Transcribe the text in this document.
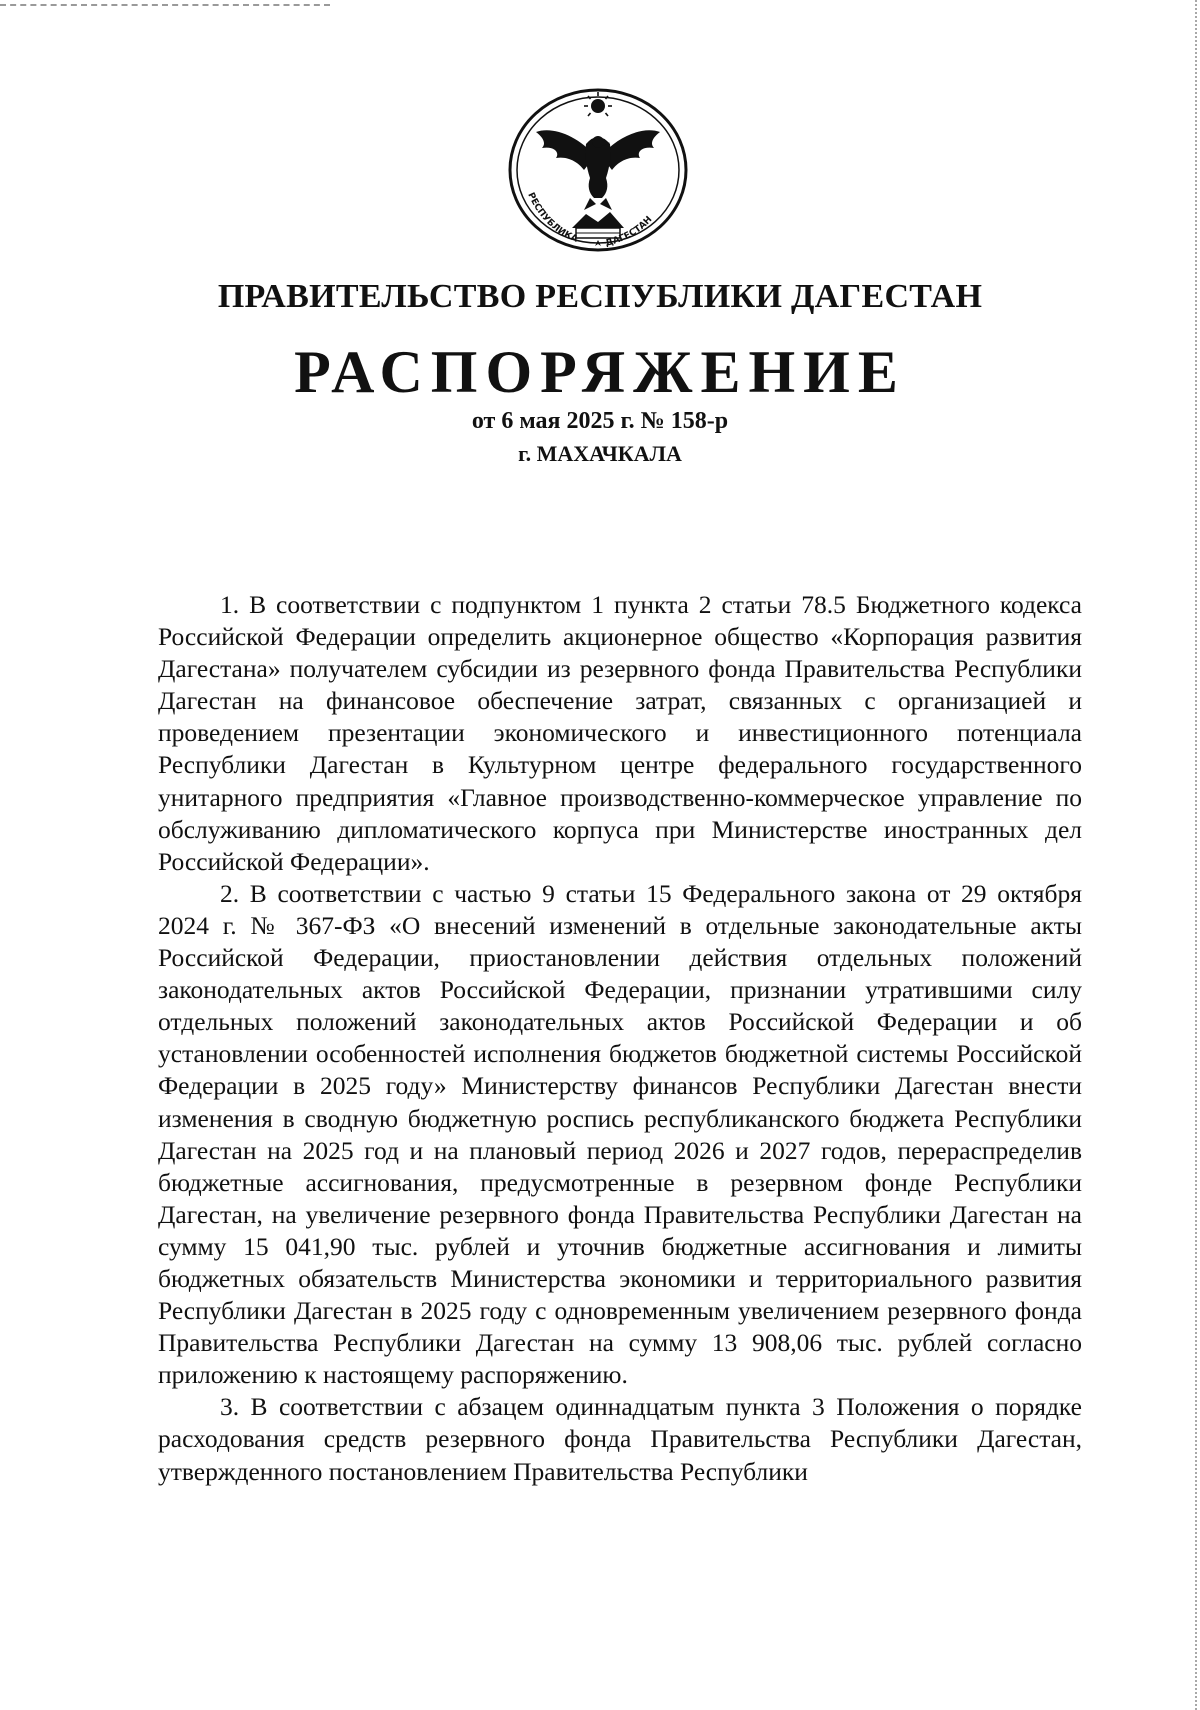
РЕСПУБЛИКА	ДАГЕСТАН
ПРАВИТЕЛЬСТВО РЕСПУБЛИКИ ДАГЕСТАН
РАСПОРЯЖЕНИЕ
от 6 мая 2025 г. № 158-р
г. МАХАЧКАЛА

1. В соответствии с подпунктом 1 пункта 2 статьи 78.5 Бюджетного кодекса Российской Федерации определить акционерное общество «Корпорация развития Дагестана» получателем субсидии из резервного фонда Правительства Республики Дагестан на финансовое обеспечение затрат, связанных с организацией и проведением презентации экономического и инвестиционного потенциала Республики Дагестан в Культурном центре федерального государственного унитарного предприятия «Главное производственно-коммерческое управление по обслуживанию дипломатического корпуса при Министерстве иностранных дел Российской Федерации».

2. В соответствии с частью 9 статьи 15 Федерального закона от 29 октября 2024 г. № 367-ФЗ «О внесений изменений в отдельные законодательные акты Российской Федерации, приостановлении действия отдельных положений законодательных актов Российской Федерации, признании утратившими силу отдельных положений законодательных актов Российской Федерации и об установлении особенностей исполнения бюджетов бюджетной системы Российской Федерации в 2025 году» Министерству финансов Республики Дагестан внести изменения в сводную бюджетную роспись республиканского бюджета Республики Дагестан на 2025 год и на плановый период 2026 и 2027 годов, перераспределив бюджетные ассигнования, предусмотренные в резервном фонде Республики Дагестан, на увеличение резервного фонда Правительства Республики Дагестан на сумму 15 041,90 тыс. рублей и уточнив бюджетные ассигнования и лимиты бюджетных обязательств Министерства экономики и территориального развития Республики Дагестан в 2025 году с одновременным увеличением резервного фонда Правительства Республики Дагестан на сумму 13 908,06 тыс. рублей согласно приложению к настоящему распоряжению.

3. В соответствии с абзацем одиннадцатым пункта 3 Положения о порядке расходования средств резервного фонда Правительства Республики Дагестан, утвержденного постановлением Правительства Республики
